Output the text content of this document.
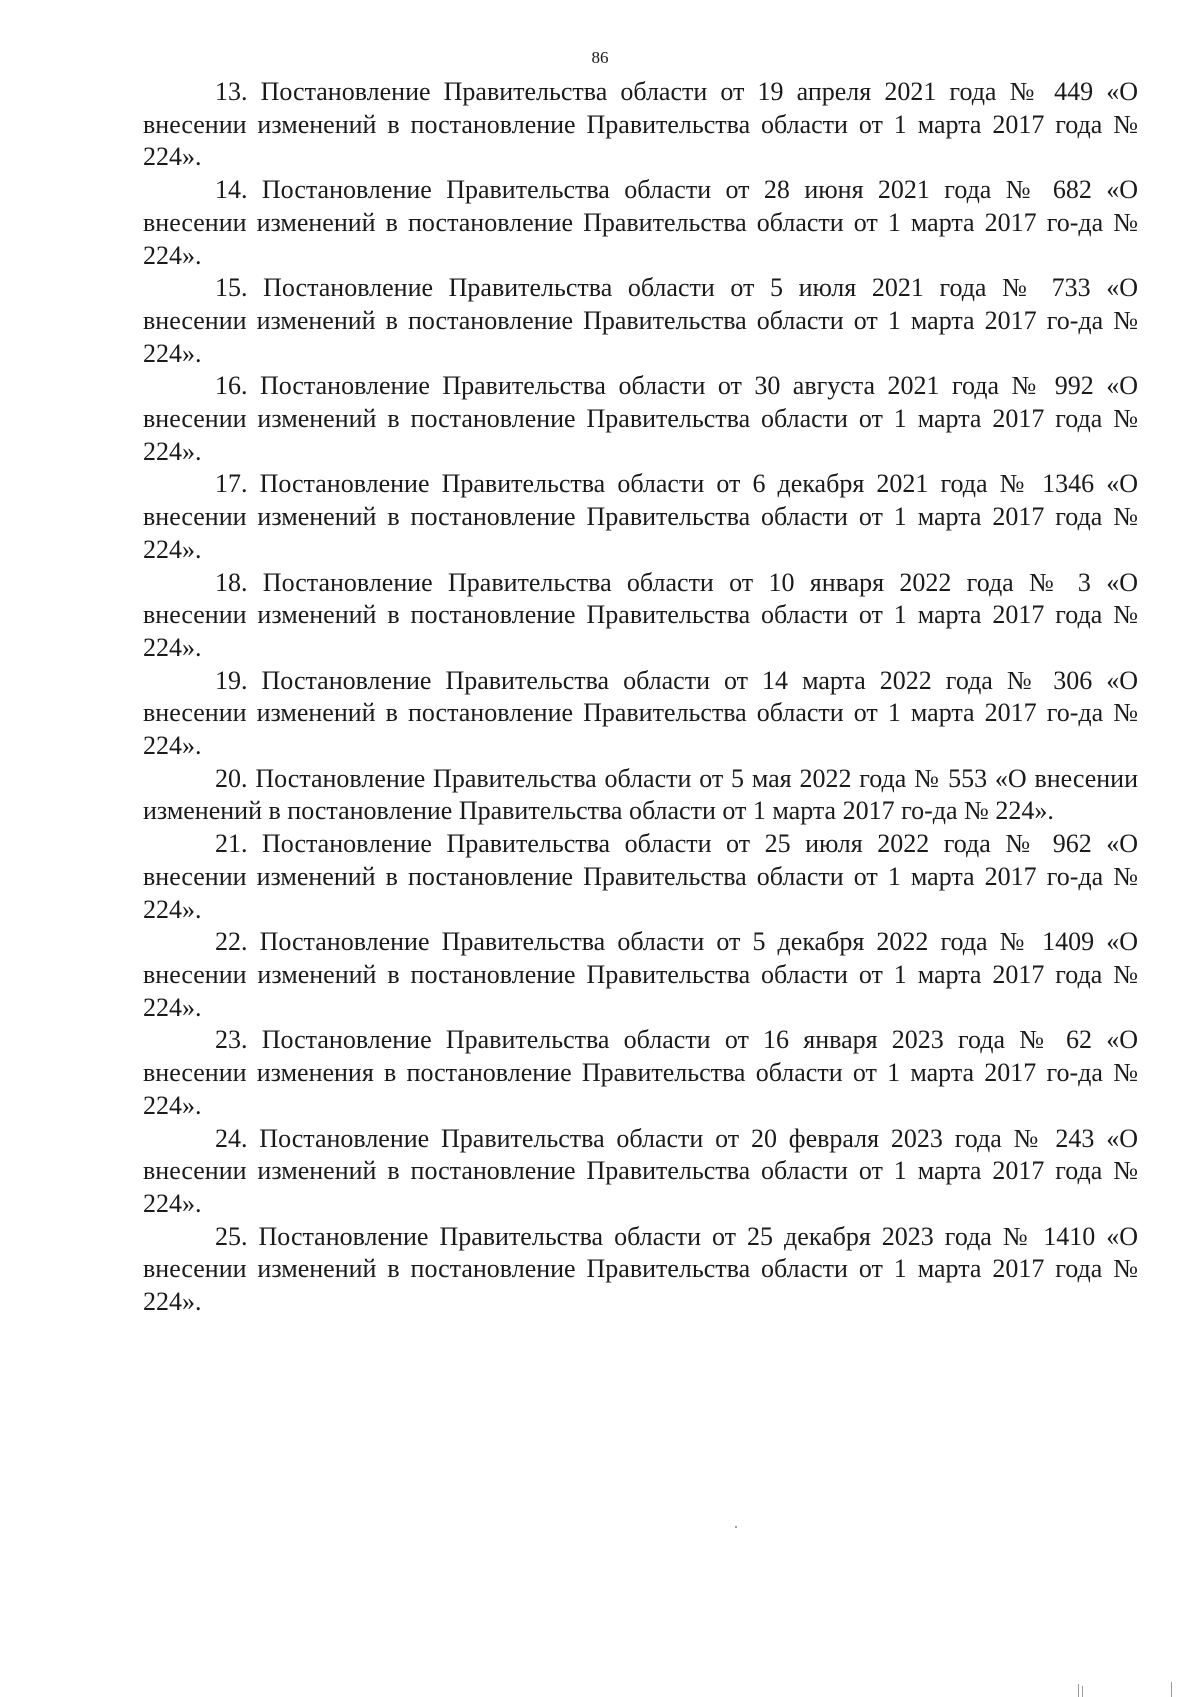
86

13. Постановление Правительства области от 19 апреля 2021 года № 449 «О внесении изменений в постановление Правительства области от 1 марта 2017 года № 224».

14. Постановление Правительства области от 28 июня 2021 года № 682 «О внесении изменений в постановление Правительства области от 1 марта 2017 го-да № 224».

15. Постановление Правительства области от 5 июля 2021 года № 733 «О внесении изменений в постановление Правительства области от 1 марта 2017 го-да № 224».

16. Постановление Правительства области от 30 августа 2021 года № 992 «О внесении изменений в постановление Правительства области от 1 марта 2017 года № 224».

17. Постановление Правительства области от 6 декабря 2021 года № 1346 «О внесении изменений в постановление Правительства области от 1 марта 2017 года № 224».

18. Постановление Правительства области от 10 января 2022 года № 3 «О внесении изменений в постановление Правительства области от 1 марта 2017 года № 224».

19. Постановление Правительства области от 14 марта 2022 года № 306 «О внесении изменений в постановление Правительства области от 1 марта 2017 го-да № 224».

20. Постановление Правительства области от 5 мая 2022 года № 553 «О внесении изменений в постановление Правительства области от 1 марта 2017 го-да № 224».

21. Постановление Правительства области от 25 июля 2022 года № 962 «О внесении изменений в постановление Правительства области от 1 марта 2017 го-да № 224».

22. Постановление Правительства области от 5 декабря 2022 года № 1409 «О внесении изменений в постановление Правительства области от 1 марта 2017 года № 224».

23. Постановление Правительства области от 16 января 2023 года № 62 «О внесении изменения в постановление Правительства области от 1 марта 2017 го-да № 224».

24. Постановление Правительства области от 20 февраля 2023 года № 243 «О внесении изменений в постановление Правительства области от 1 марта 2017 года № 224».

25. Постановление Правительства области от 25 декабря 2023 года № 1410 «О внесении изменений в постановление Правительства области от 1 марта 2017 года № 224».
